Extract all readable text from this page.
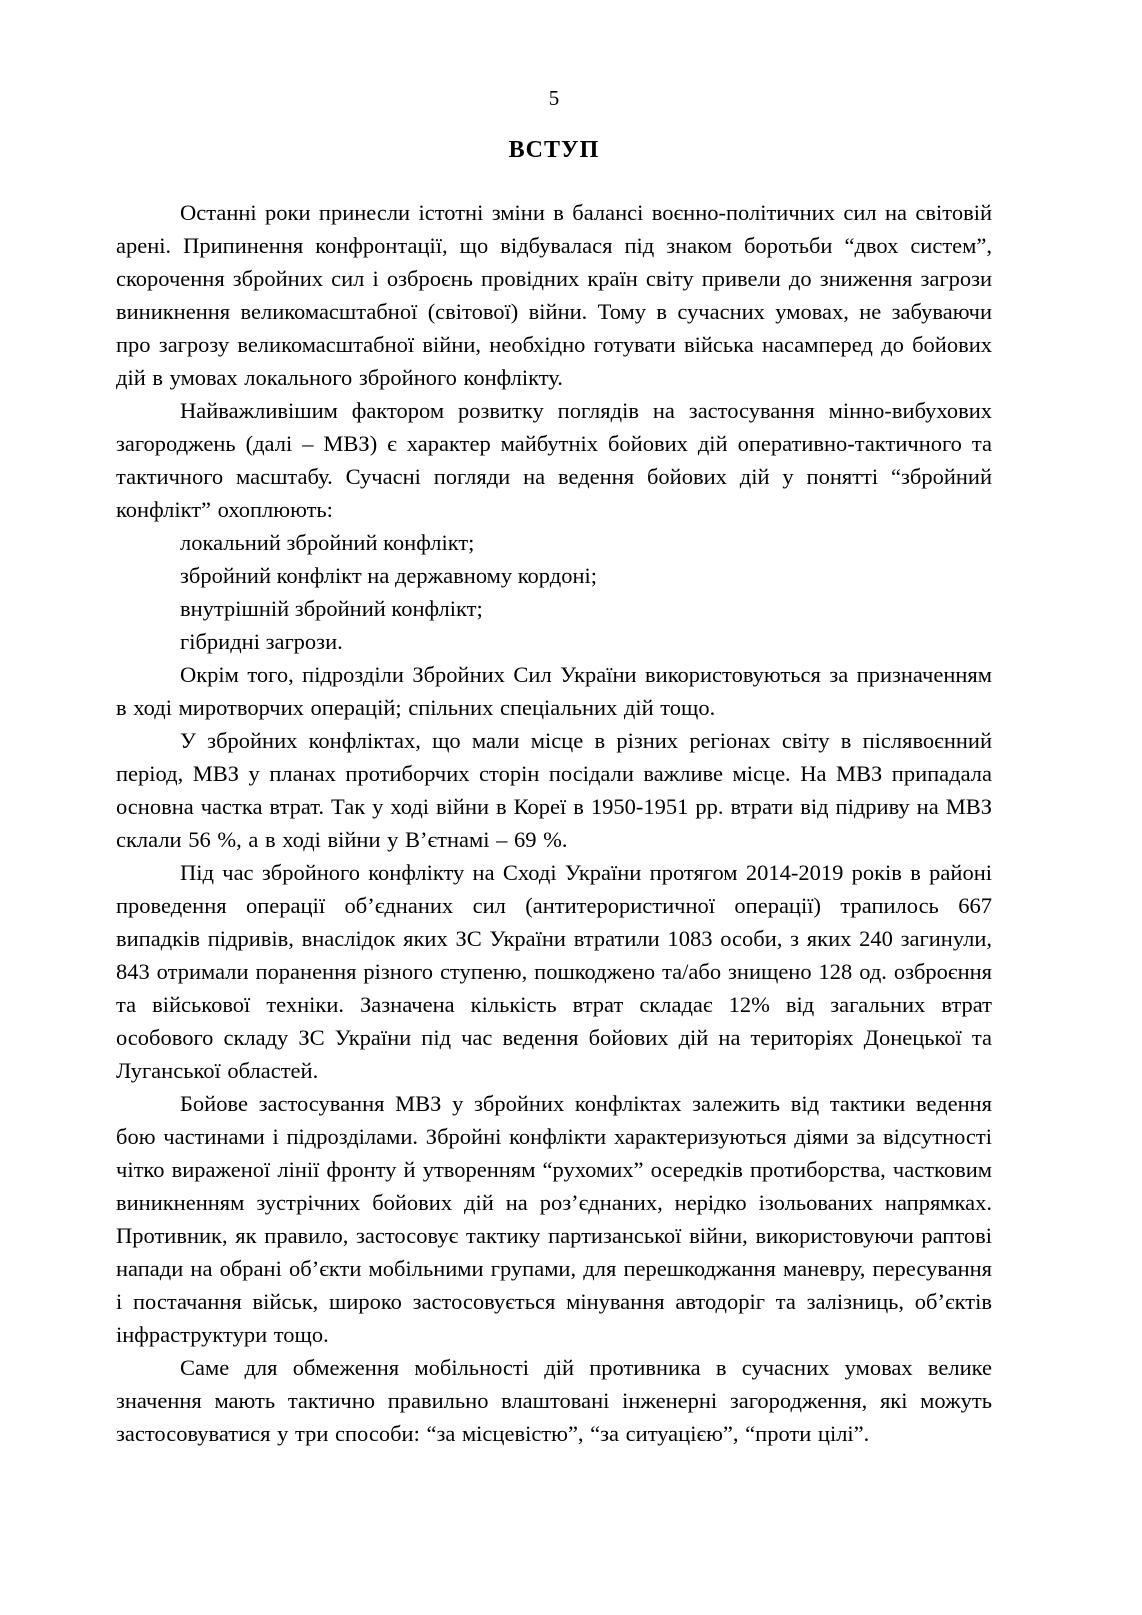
5
ВСТУП

Останні роки принесли істотні зміни в балансі воєнно-політичних сил на світовій арені. Припинення конфронтації, що відбувалася під знаком боротьби “двох систем”, скорочення збройних сил і озброєнь провідних країн світу привели до зниження загрози виникнення великомасштабної (світової) війни. Тому в сучасних умовах, не забуваючи про загрозу великомасштабної війни, необхідно готувати війська насамперед до бойових дій в умовах локального збройного конфлікту.

Найважливішим фактором розвитку поглядів на застосування мінно-вибухових загороджень (далі – МВЗ) є характер майбутніх бойових дій оперативно-тактичного та тактичного масштабу. Сучасні погляди на ведення бойових дій у понятті “збройний конфлікт” охоплюють:

локальний збройний конфлікт;

збройний конфлікт на державному кордоні;

внутрішній збройний конфлікт;

гібридні загрози.

Окрім того, підрозділи Збройних Сил України використовуються за призначенням в ході миротворчих операцій; спільних спеціальних дій тощо.

У збройних конфліктах, що мали місце в різних регіонах світу в післявоєнний період, МВЗ у планах протиборчих сторін посідали важливе місце. На МВЗ припадала основна частка втрат. Так у ході війни в Кореї в 1950-1951 рр. втрати від підриву на МВЗ склали 56 %, а в ході війни у В’єтнамі – 69 %.

Під час збройного конфлікту на Сході України протягом 2014-2019 років в районі проведення операції об’єднаних сил (антитерористичної операції) трапилось 667 випадків підривів, внаслідок яких ЗС України втратили 1083 особи, з яких 240 загинули, 843 отримали поранення різного ступеню, пошкоджено та/або знищено 128 од. озброєння та військової техніки. Зазначена кількість втрат складає 12% від загальних втрат особового складу ЗС України під час ведення бойових дій на територіях Донецької та Луганської областей.

Бойове застосування МВЗ у збройних конфліктах залежить від тактики ведення бою частинами і підрозділами. Збройні конфлікти характеризуються діями за відсутності чітко вираженої лінії фронту й утворенням “рухомих” осередків протиборства, частковим виникненням зустрічних бойових дій на роз’єднаних, нерідко ізольованих напрямках. Противник, як правило, застосовує тактику партизанської війни, використовуючи раптові напади на обрані об’єкти мобільними групами, для перешкоджання маневру, пересування і постачання військ, широко застосовується мінування автодоріг та залізниць, об’єктів інфраструктури тощо.

Саме для обмеження мобільності дій противника в сучасних умовах велике значення мають тактично правильно влаштовані інженерні загородження, які можуть застосовуватися у три способи: “за місцевістю”, “за ситуацією”, “проти цілі”.
